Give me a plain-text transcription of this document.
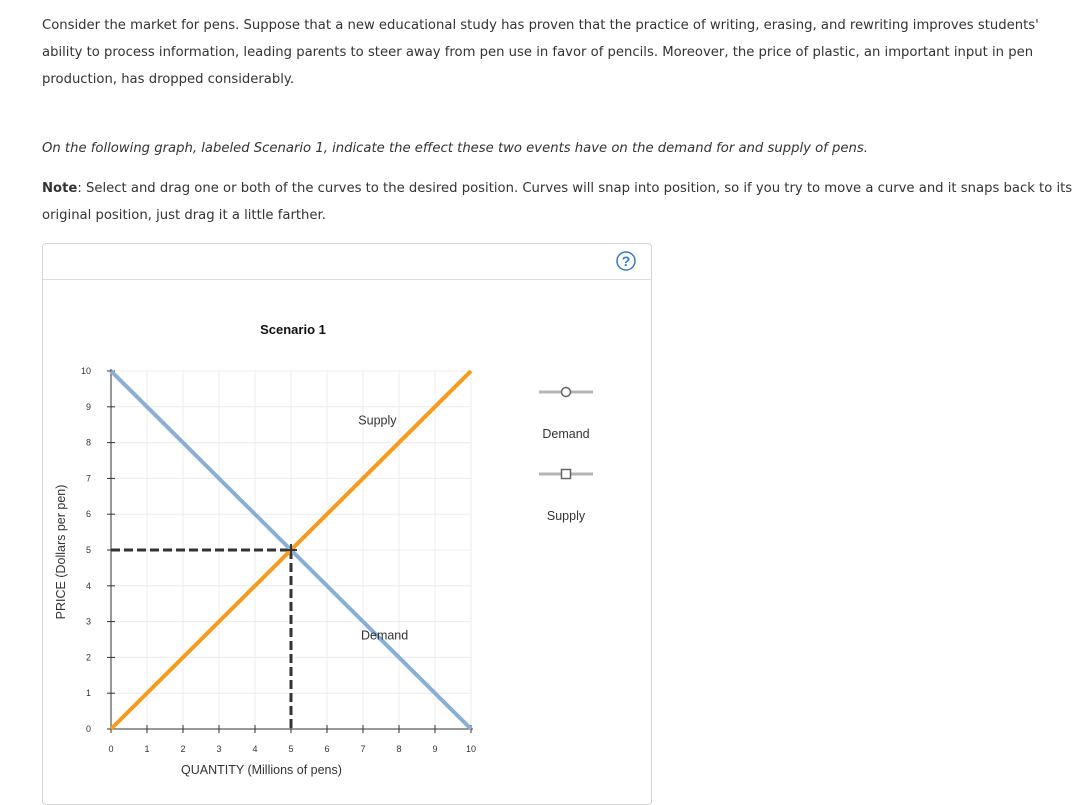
Consider the market for pens. Suppose that a new educational study has proven that the practice of writing, erasing, and rewriting improves students' ability to process information, leading parents to steer away from pen use in favor of pencils. Moreover, the price of plastic, an important input in pen production, has dropped considerably.

On the following graph, labeled Scenario 1, indicate the effect these two events have on the demand for and supply of pens.

Note: Select and drag one or both of the curves to the desired position. Curves will snap into position, so if you try to move a curve and it snaps back to its original position, just drag it a little farther.

?
0
1
2
3
4
5
6
7
8
9
10
0	1	2	3	4	5	6	7	8	9	10
QUANTITY (Millions of pens)
PRICE (Dollars per pen)
Scenario 1
Demand
Supply
Demand
Supply
